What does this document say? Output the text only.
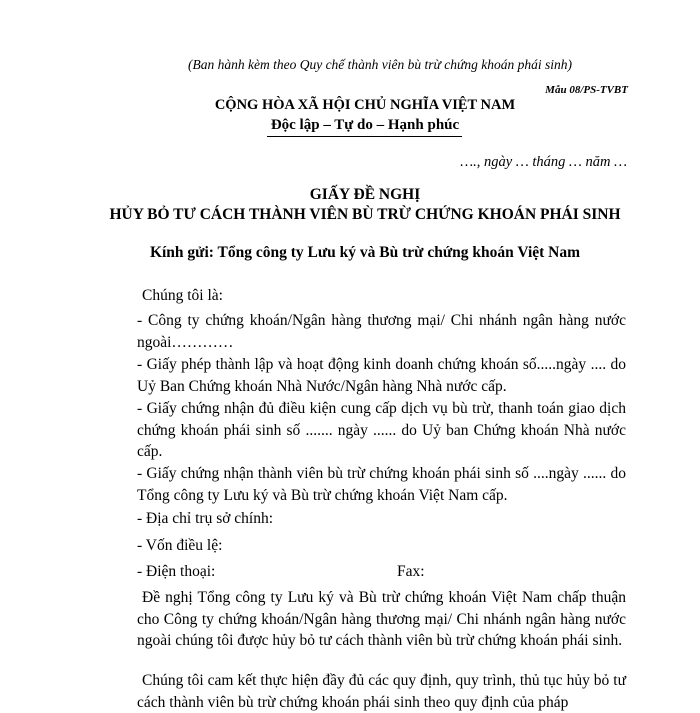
(Ban hành kèm theo Quy chế thành viên bù trừ chứng khoán phái sinh)
Mẫu 08/PS-TVBT
CỘNG HÒA XÃ HỘI CHỦ NGHĨA VIỆT NAM
Độc lập – Tự do – Hạnh phúc
…., ngày … tháng … năm …
GIẤY ĐỀ NGHỊ
HỦY BỎ TƯ CÁCH THÀNH VIÊN BÙ TRỪ CHỨNG KHOÁN PHÁI SINH
Kính gửi: Tổng công ty Lưu ký và Bù trừ chứng khoán Việt Nam

Chúng tôi là:

- Công ty chứng khoán/Ngân hàng thương mại/ Chi nhánh ngân hàng nước ngoài…………

- Giấy phép thành lập và hoạt động kinh doanh chứng khoán số.....ngày .... do Uỷ Ban Chứng khoán Nhà Nước/Ngân hàng Nhà nước cấp.

- Giấy chứng nhận đủ điều kiện cung cấp dịch vụ bù trừ, thanh toán giao dịch chứng khoán phái sinh số ....... ngày ...... do Uỷ ban Chứng khoán Nhà nước cấp.

- Giấy chứng nhận thành viên bù trừ chứng khoán phái sinh số ....ngày ...... do Tổng công ty Lưu ký và Bù trừ chứng khoán Việt Nam cấp.

- Địa chỉ trụ sở chính:

- Vốn điều lệ:

- Điện thoại:	Fax:

Đề nghị Tổng công ty Lưu ký và Bù trừ chứng khoán Việt Nam chấp thuận cho Công ty chứng khoán/Ngân hàng thương mại/ Chi nhánh ngân hàng nước ngoài chúng tôi được hủy bỏ tư cách thành viên bù trừ chứng khoán phái sinh.

Chúng tôi cam kết thực hiện đầy đủ các quy định, quy trình, thủ tục hủy bỏ tư cách thành viên bù trừ chứng khoán phái sinh theo quy định của pháp
